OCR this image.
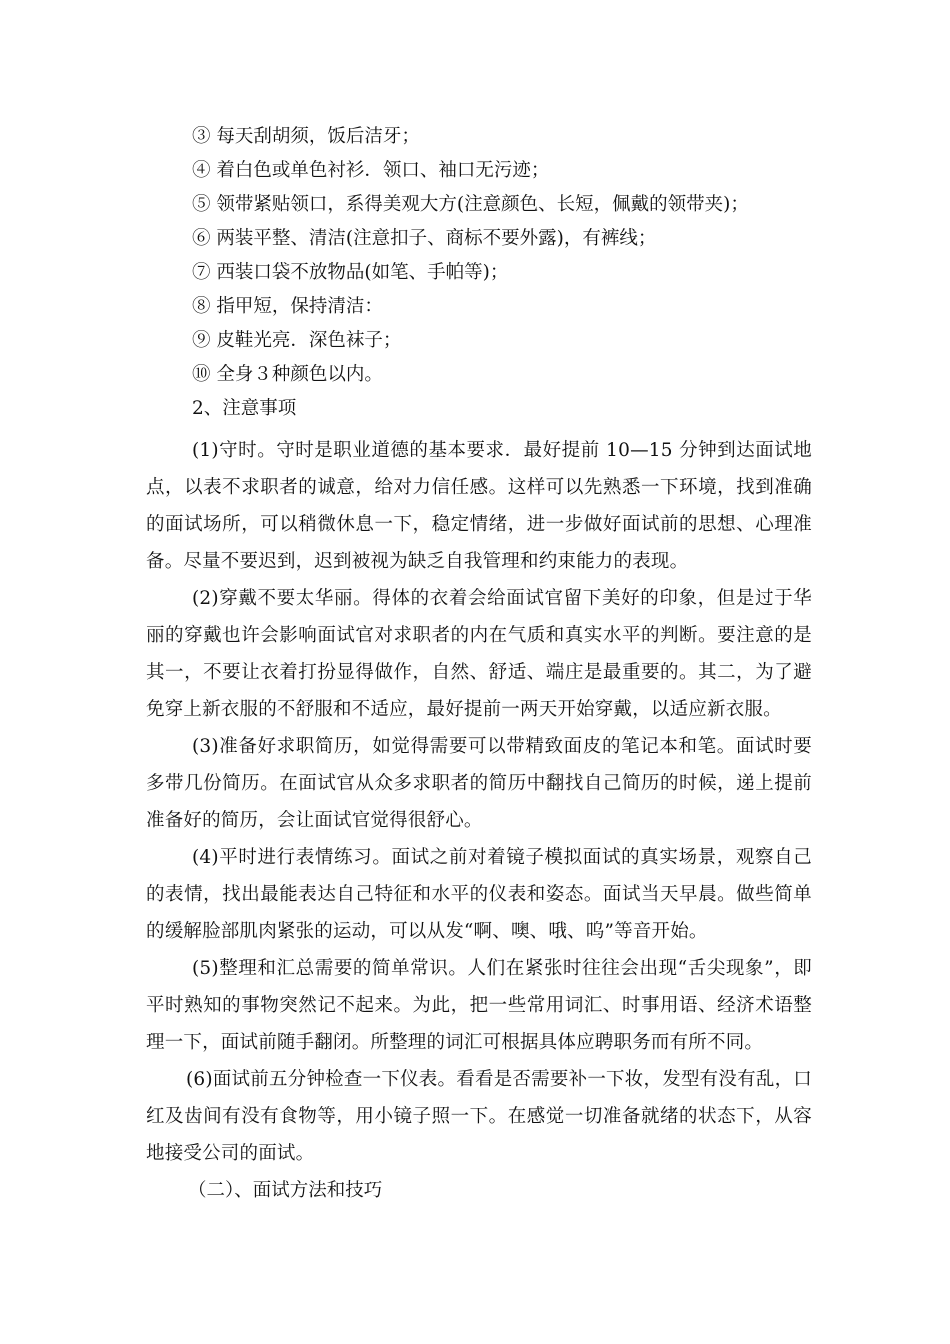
③ 每天刮胡须，饭后洁牙；
④ 着白色或单色衬衫．领口、袖口无污迹；
⑤ 领带紧贴领口，系得美观大方(注意颜色、长短，佩戴的领带夹)；
⑥ 两装平整、清洁(注意扣子、商标不要外露)，有裤线；
⑦ 西装口袋不放物品(如笔、手帕等)；
⑧ 指甲短，保持清洁：
⑨ 皮鞋光亮．深色袜子；
⑩ 全身３种颜色以内。
2、注意事项

(1)守时。守时是职业道德的基本要求．最好提前 10—15 分钟到达面试地点，以表不求职者的诚意，给对力信任感。这样可以先熟悉一下环境，找到准确的面试场所，可以稍微休息一下，稳定情绪，进一步做好面试前的思想、心理准备。尽量不要迟到，迟到被视为缺乏自我管理和约束能力的表现。

(2)穿戴不要太华丽。得体的衣着会给面试官留下美好的印象，但是过于华丽的穿戴也许会影响面试官对求职者的内在气质和真实水平的判断。要注意的是其一，不要让衣着打扮显得做作，自然、舒适、端庄是最重要的。其二，为了避免穿上新衣服的不舒服和不适应，最好提前一两天开始穿戴，以适应新衣服。

(3)准备好求职简历，如觉得需要可以带精致面皮的笔记本和笔。面试时要多带几份简历。在面试官从众多求职者的简历中翻找自己简历的时候，递上提前准备好的简历，会让面试官觉得很舒心。

(4)平时进行表情练习。面试之前对着镜子模拟面试的真实场景，观察自己的表情，找出最能表达自己特征和水平的仪表和姿态。面试当天早晨。做些简单的缓解脸部肌肉紧张的运动，可以从发“啊、噢、哦、呜”等音开始。

(5)整理和汇总需要的简单常识。人们在紧张时往往会出现“舌尖现象”，即平时熟知的事物突然记不起来。为此，把一些常用词汇、时事用语、经济术语整理一下，面试前随手翻闭。所整理的词汇可根据具体应聘职务而有所不同。

(6)面试前五分钟检查一下仪表。看看是否需要补一下妆，发型有没有乱，口红及齿间有没有食物等，用小镜子照一下。在感觉一切准备就绪的状态下，从容地接受公司的面试。

（二）、面试方法和技巧
